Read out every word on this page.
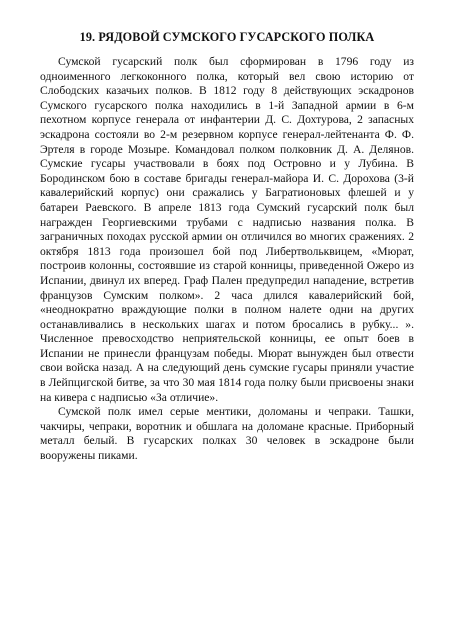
19. РЯДОВОЙ СУМСКОГО ГУСАРСКОГО ПОЛКА

Сумской гусарский полк был сформирован в 1796 году из одноименного легкоконного полка, который вел свою историю от Слободских казачьих полков. В 1812 году 8 действующих эскадронов Сумского гусарского полка находились в 1-й Западной армии в 6-м пехотном корпусе генерала от инфантерии Д. С. Дохтурова, 2 запасных эскадрона состояли во 2-м резервном корпусе генерал-лейтенанта Ф. Ф. Эртеля в городе Мозыре. Командовал полком полковник Д. А. Делянов. Сумские гусары участвовали в боях под Островно и у Лубина. В Бородинском бою в составе бригады генерал-майора И. С. Дорохова (3-й кавалерийский корпус) они сражались у Багратионовых флешей и у батареи Раевского. В апреле 1813 года Сумский гусарский полк был награжден Георгиевскими трубами с надписью названия полка. В заграничных походах русской армии он отличился во многих сражениях. 2 октября 1813 года произошел бой под Либертвольквицем, «Мюрат, построив колонны, состоявшие из старой конницы, приведенной Ожеро из Испании, двинул их вперед. Граф Пален предупредил нападение, встретив французов Сумским полком». 2 часа длился кавалерийский бой, «неоднократно враждующие полки в полном налете одни на других останавливались в нескольких шагах и потом бросались в рубку... ». Численное превосходство неприятельской конницы, ее опыт боев в Испании не принесли французам победы. Мюрат вынужден был отвести свои войска назад. А на следующий день сумские гусары приняли участие в Лейпцигской битве, за что 30 мая 1814 года полку были присвоены знаки на кивера с надписью «За отличие».

Сумской полк имел серые ментики, доломаны и чепраки. Ташки, чакчиры, чепраки, воротник и обшлага на доломане красные. Приборный металл белый. В гусарских полках 30 человек в эскадроне были вооружены пиками.
